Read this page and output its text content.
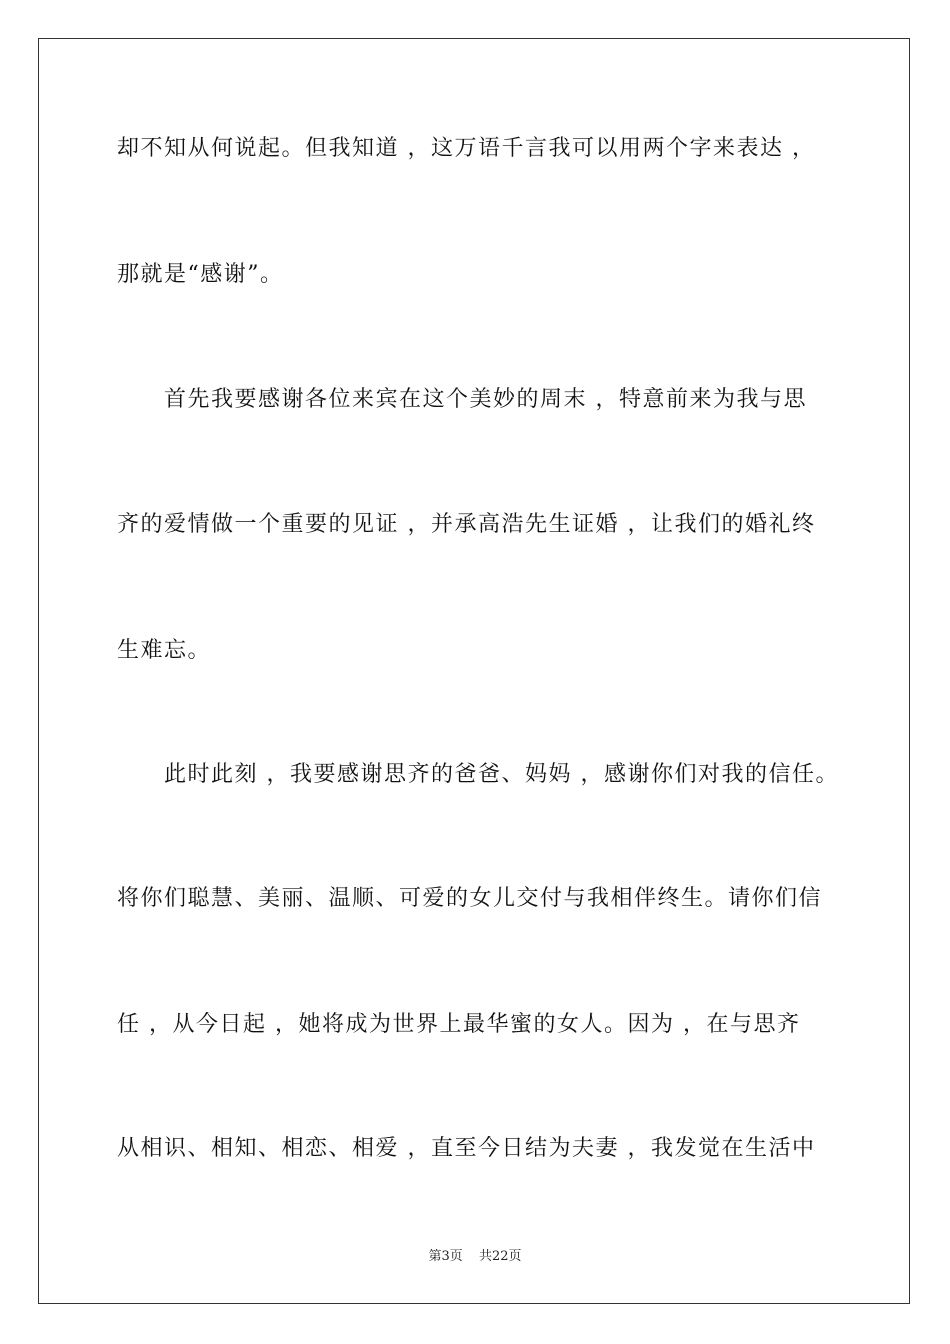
却不知从何说起。但我知道 ，这万语千言我可以用两个字来表达 ，
那就是“感谢”。
　　首先我要感谢各位来宾在这个美妙的周末 ，特意前来为我与思
齐的爱情做一个重要的见证 ，并承高浩先生证婚 ，让我们的婚礼终
生难忘。
　　此时此刻 ，我要感谢思齐的爸爸、妈妈 ，感谢你们对我的信任。
将你们聪慧、美丽、温顺、可爱的女儿交付与我相伴终生。请你们信
任 ，从今日起 ，她将成为世界上最华蜜的女人。因为 ，在与思齐
从相识、相知、相恋、相爱 ，直至今日结为夫妻 ，我发觉在生活中
第3页 共22页
